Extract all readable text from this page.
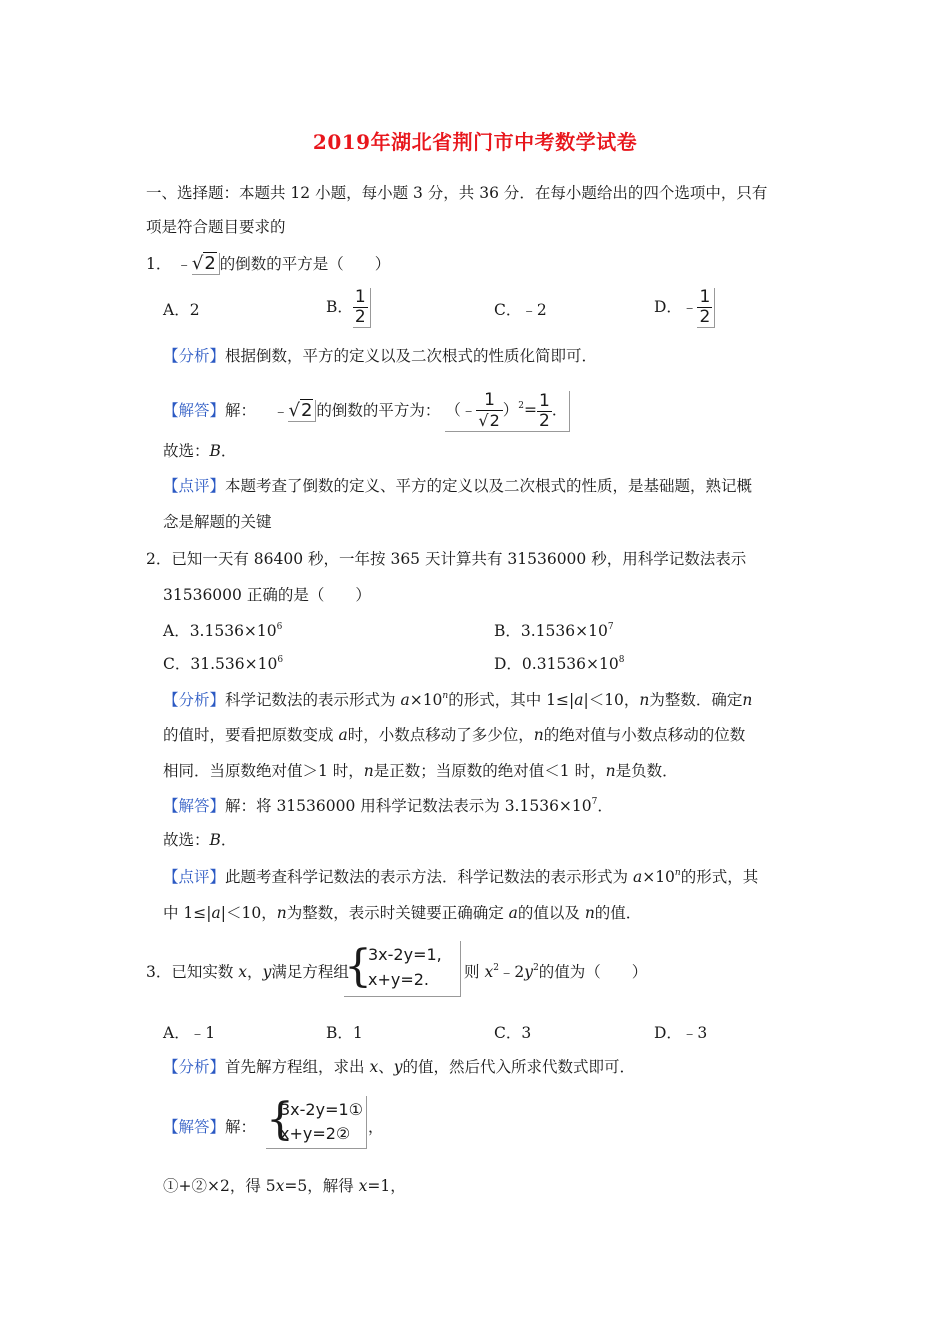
2019年湖北省荆门市中考数学试卷
一、选择题：本题共 12 小题，每小题 3 分，共 36 分．在每小题给出的四个选项中，只有
项是符合题目要求的
1． ﹣√2 的倒数的平方是（　　）
A．2	B． $\frac{1}{2}$	C．﹣2	D．﹣ $\frac{1}{2}$
【分析】根据倒数，平方的定义以及二次根式的性质化简即可．
【解答】解： ﹣√2 的倒数的平方为： （﹣ $\frac{1}{√2} )^2= \frac{1}{2}$ ．
故选：B．
【点评】本题考查了倒数的定义、平方的定义以及二次根式的性质，是基础题，熟记概
念是解题的关键
2．已知一天有 86400 秒，一年按 365 天计算共有 31536000 秒，用科学记数法表示
31536000 正确的是（　　）
A．$3.1536\times 10^6$	B．$3.1536\times 10^7$
C．$31.536\times 10^6$	D．$0.31536\times 10^8$
【分析】科学记数法的表示形式为 $a\times 10^n$的形式，其中 1≤|a|＜10，n为整数．确定n
的值时，要看把原数变成 a时，小数点移动了多少位，n的绝对值与小数点移动的位数
相同．当原数绝对值＞1 时，n是正数；当原数的绝对值＜1 时，n是负数．
【解答】解：将 31536000 用科学记数法表示为 $3.1536\times 10^7$．
故选：B．
【点评】此题考查科学记数法的表示方法．科学记数法的表示形式为 $a\times 10^n$的形式，其
中 1≤|a|＜10，n为整数，表示时关键要正确确定 a的值以及 n的值．
3．已知实数 x，y满足方程组
{
3x-2y=1,
x+y=2. 则 $x^2﹣2y^2$的值为（　　）
A．﹣1	B．1	C．3	D．﹣3
【分析】首先解方程组，求出 x、y的值，然后代入所求代数式即可．
【解答】解： {
3x-2y=1①
x+y=2② ，
①+②×2，得 5x=5，解得 x=1，
